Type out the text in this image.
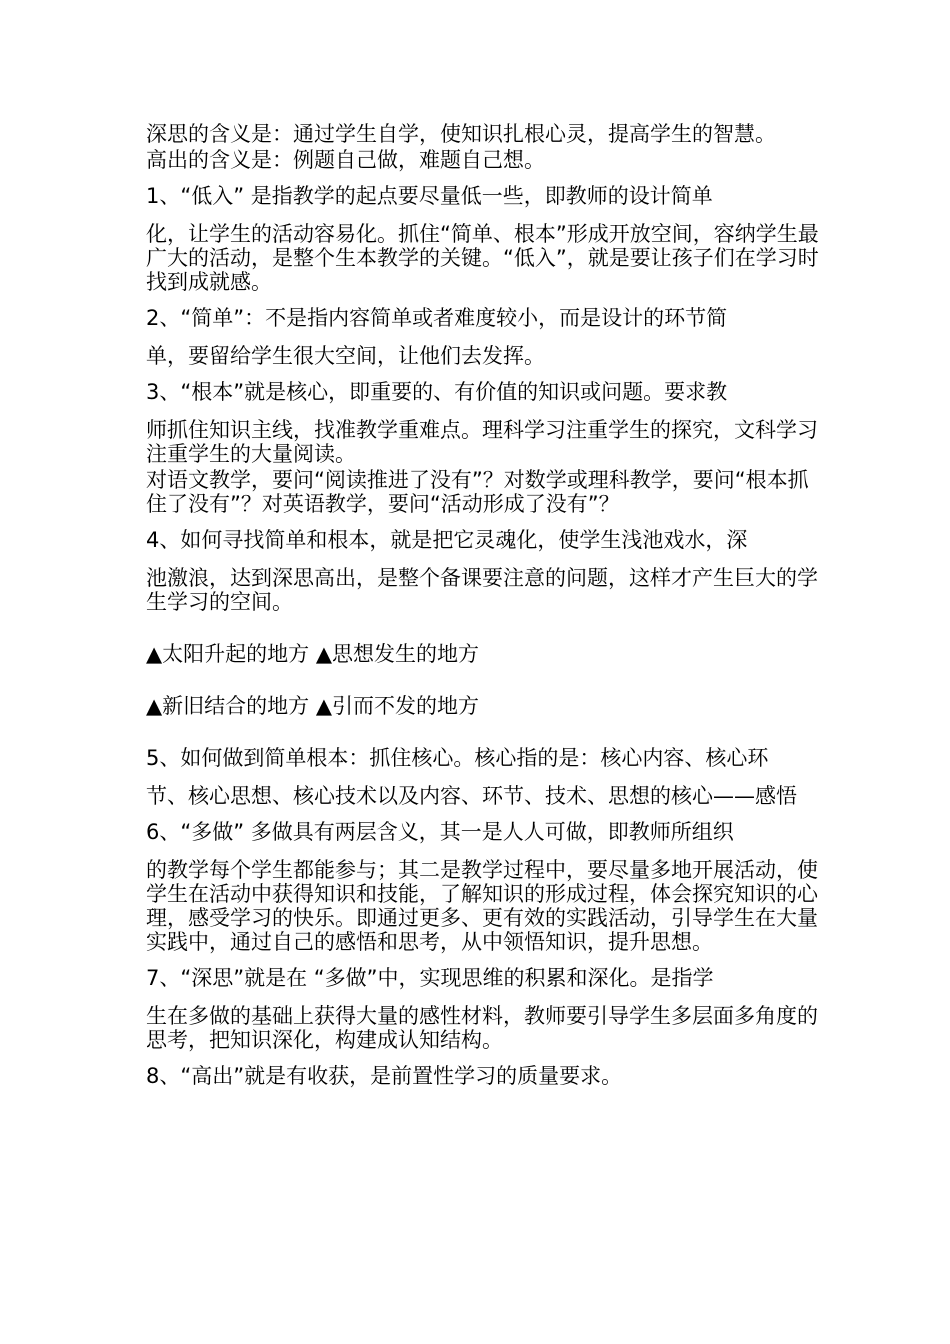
深思的含义是：通过学生自学，使知识扎根心灵，提高学生的智慧。

高出的含义是：例题自己做，难题自己想。

1、“低入” 是指教学的起点要尽量低一些，即教师的设计简单
化，让学生的活动容易化。抓住“简单、根本”形成开放空间，容纳学生最广大的活动，是整个生本教学的关键。“低入”，就是要让孩子们在学习时找到成就感。

2、“简单”：不是指内容简单或者难度较小，而是设计的环节简
单，要留给学生很大空间，让他们去发挥。

3、“根本”就是核心，即重要的、有价值的知识或问题。要求教
师抓住知识主线，找准教学重难点。理科学习注重学生的探究，文科学习注重学生的大量阅读。

对语文教学，要问“阅读推进了没有”？对数学或理科教学，要问“根本抓住了没有”？对英语教学，要问“活动形成了没有”？

4、如何寻找简单和根本，就是把它灵魂化，使学生浅池戏水，深
池激浪，达到深思高出，是整个备课要注意的问题，这样才产生巨大的学生学习的空间。

▲太阳升起的地方 ▲思想发生的地方

▲新旧结合的地方 ▲引而不发的地方

5、如何做到简单根本：抓住核心。核心指的是：核心内容、核心环
节、核心思想、核心技术以及内容、环节、技术、思想的核心——感悟

6、“多做” 多做具有两层含义，其一是人人可做，即教师所组织
的教学每个学生都能参与；其二是教学过程中，要尽量多地开展活动，使学生在活动中获得知识和技能，了解知识的形成过程，体会探究知识的心理，感受学习的快乐。即通过更多、更有效的实践活动，引导学生在大量实践中，通过自己的感悟和思考，从中领悟知识，提升思想。

7、“深思”就是在 “多做”中，实现思维的积累和深化。是指学
生在多做的基础上获得大量的感性材料，教师要引导学生多层面多角度的思考，把知识深化，构建成认知结构。

8、“高出”就是有收获，是前置性学习的质量要求。
